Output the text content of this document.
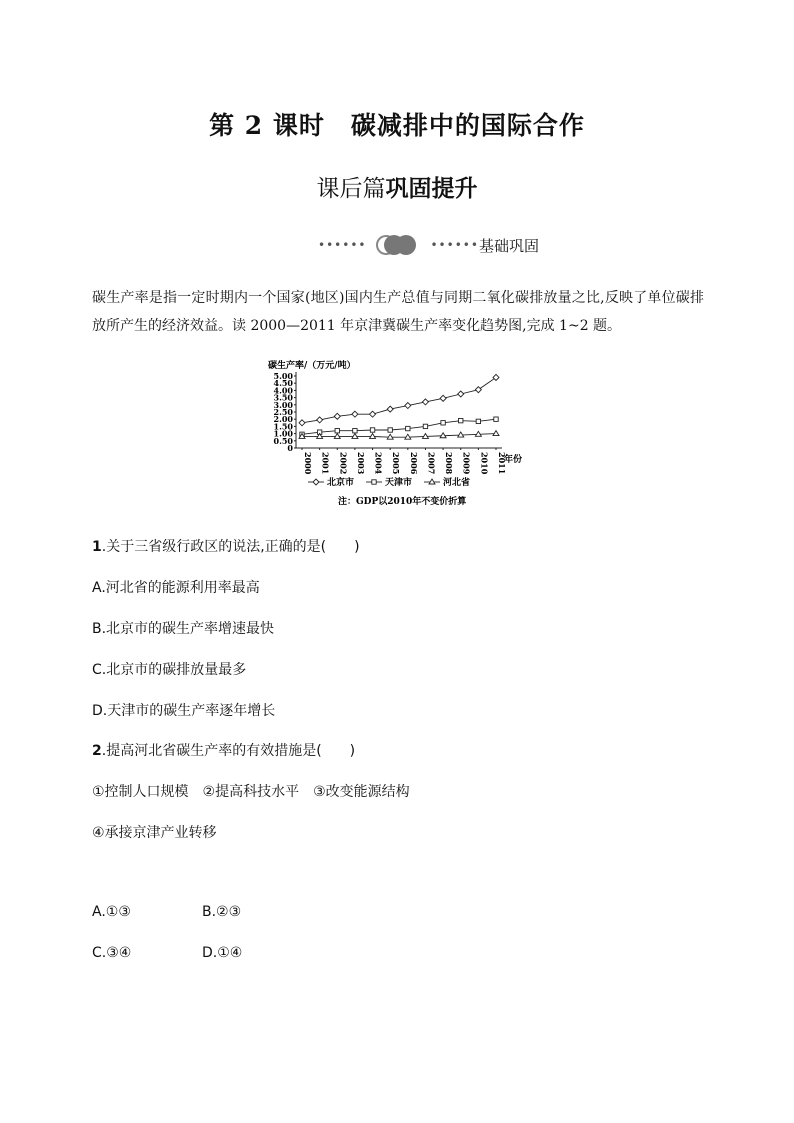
第 2 课时　碳减排中的国际合作
课后篇巩固提升
••••••	•••••• 基础巩固
碳生产率是指一定时期内一个国家(地区)国内生产总值与同期二氧化碳排放量之比,反映了单位碳排放所产生的经济效益。读 2000—2011 年京津冀碳生产率变化趋势图,完成 1~2 题。
碳生产率/（万元/吨）
5.00
4.50
4.00
3.50
3.00
2.50
2.00
1.50
1.00
0.50
0
2000 2001 2002 2003 2004 2005 2006 2007 2008 2009 2010 2011
年份
北京市	天津市	河北省
注：GDP以2010年不变价折算
1.关于三省级行政区的说法,正确的是(　　)
A.河北省的能源利用率最高
B.北京市的碳生产率增速最快
C.北京市的碳排放量最多
D.天津市的碳生产率逐年增长
2.提高河北省碳生产率的有效措施是(　　)
①控制人口规模　②提高科技水平　③改变能源结构
④承接京津产业转移
A.①③	B.②③
C.③④	D.①④
